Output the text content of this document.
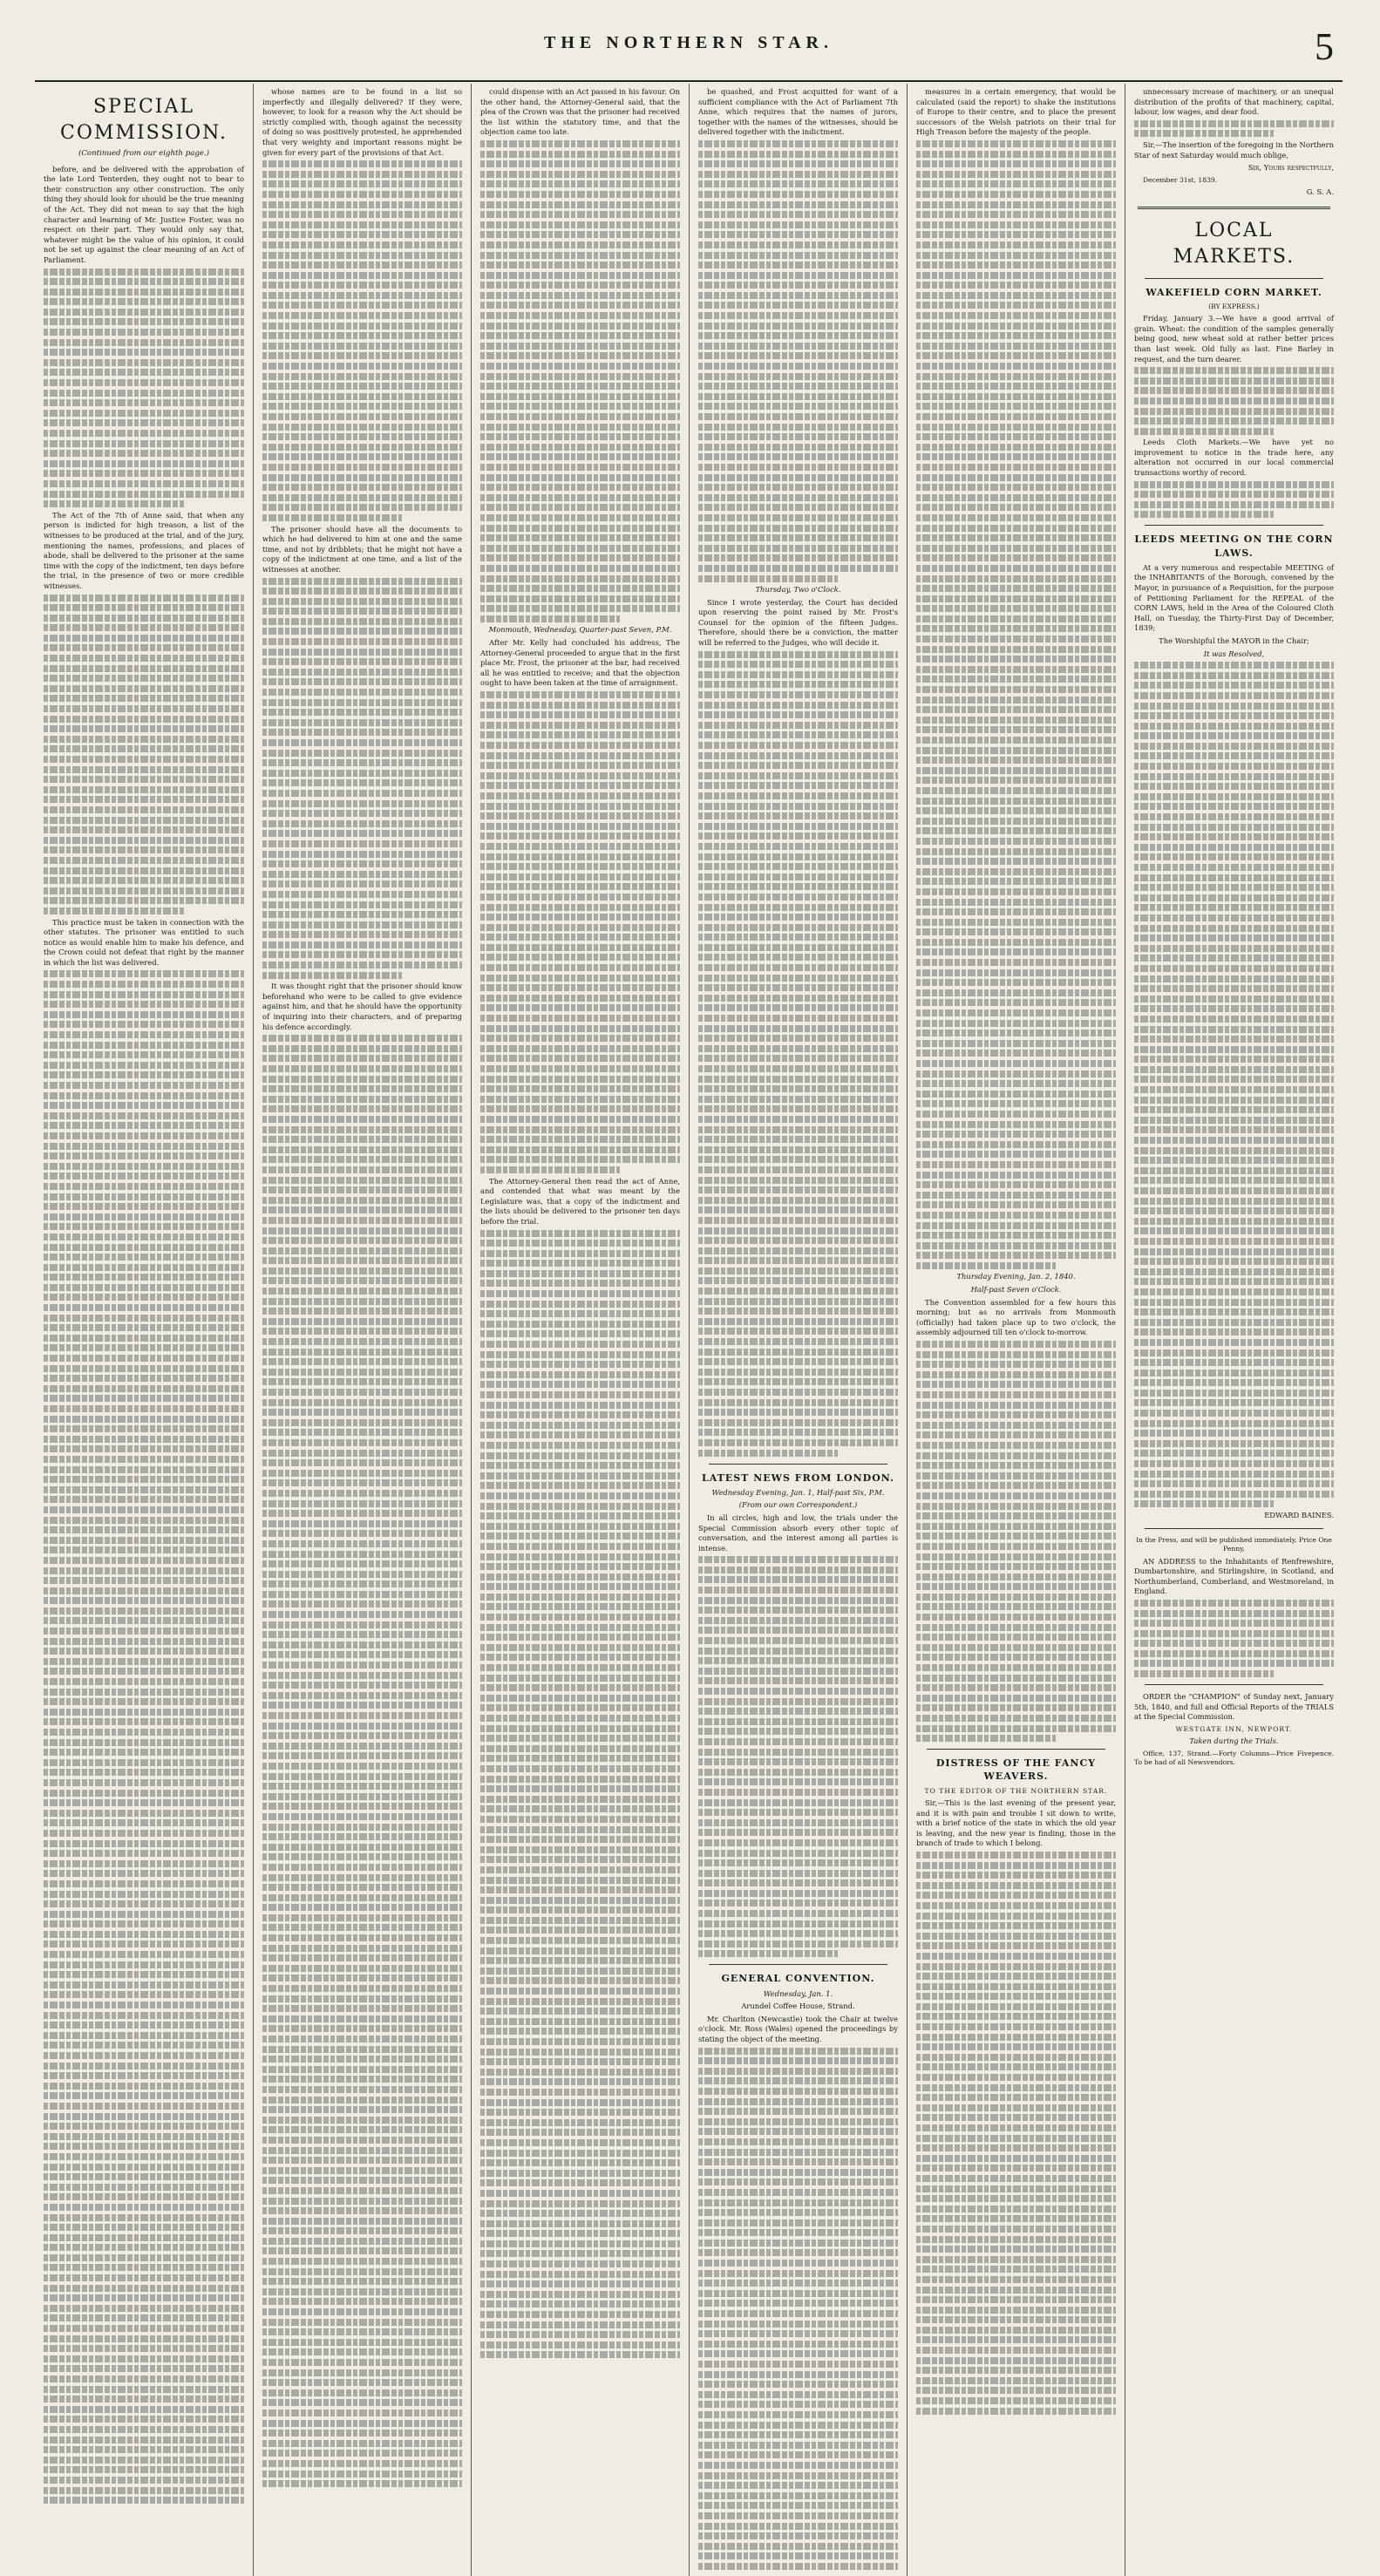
THE NORTHERN STAR.	5
SPECIAL COMMISSION.
(Continued from our eighth page.)

before, and be delivered with the approbation of the late Lord Tenterden, they ought not to bear to their construction any other construction. The only thing they should look for should be the true meaning of the Act. They did not mean to say that the high character and learning of Mr. Justice Foster, was no respect on their part. They would only say that, whatever might be the value of his opinion, it could not be set up against the clear meaning of an Act of Parliament.

The Act of the 7th of Anne said, that when any person is indicted for high treason, a list of the witnesses to be produced at the trial, and of the jury, mentioning the names, professions, and places of abode, shall be delivered to the prisoner at the same time with the copy of the indictment, ten days before the trial, in the presence of two or more credible witnesses.

This practice must be taken in connection with the other statutes. The prisoner was entitled to such notice as would enable him to make his defence, and the Crown could not defeat that right by the manner in which the list was delivered.

whose names are to be found in a list so imperfectly and illegally delivered? If they were, however, to look for a reason why the Act should be strictly complied with, though against the necessity of doing so was positively protested, he apprehended that very weighty and important reasons might be given for every part of the provisions of that Act.

The prisoner should have all the documents to which he had delivered to him at one and the same time, and not by dribblets; that he might not have a copy of the indictment at one time, and a list of the witnesses at another.

It was thought right that the prisoner should know beforehand who were to be called to give evidence against him, and that he should have the opportunity of inquiring into their characters, and of preparing his defence accordingly.

could dispense with an Act passed in his favour. On the other hand, the Attorney-General said, that the plea of the Crown was that the prisoner had received the list within the statutory time, and that the objection came too late.

Monmouth, Wednesday, Quarter-past Seven, P.M.

After Mr. Kelly had concluded his address, The Attorney-General proceeded to argue that in the first place Mr. Frost, the prisoner at the bar, had received all he was entitled to receive; and that the objection ought to have been taken at the time of arraignment.

The Attorney-General then read the act of Anne, and contended that what was meant by the Legislature was, that a copy of the indictment and the lists should be delivered to the prisoner ten days before the trial.

be quashed, and Frost acquitted for want of a sufficient compliance with the Act of Parliament 7th Anne, which requires that the names of jurors, together with the names of the witnesses, should be delivered together with the indictment.

Thursday, Two o'Clock.

Since I wrote yesterday, the Court has decided upon reserving the point raised by Mr. Frost's Counsel for the opinion of the fifteen Judges. Therefore, should there be a conviction, the matter will be referred to the Judges, who will decide it.

LATEST NEWS FROM LONDON.

Wednesday Evening, Jan. 1, Half-past Six, P.M.

(From our own Correspondent.)

In all circles, high and low, the trials under the Special Commission absorb every other topic of conversation, and the interest among all parties is intense.

GENERAL CONVENTION.

Wednesday, Jan. 1.

Arundel Coffee House, Strand.

Mr. Charlton (Newcastle) took the Chair at twelve o'clock. Mr. Ross (Wales) opened the proceedings by stating the object of the meeting.

measures in a certain emergency, that would be calculated (said the report) to shake the institutions of Europe to their centre, and to place the present successors of the Welsh patriots on their trial for High Treason before the majesty of the people.

Thursday Evening, Jan. 2, 1840.

Half-past Seven o'Clock.

The Convention assembled for a few hours this morning; but as no arrivals from Monmouth (officially) had taken place up to two o'clock, the assembly adjourned till ten o'clock to-morrow.

DISTRESS OF THE FANCY WEAVERS.

TO THE EDITOR OF THE NORTHERN STAR.

Sir,—This is the last evening of the present year, and it is with pain and trouble I sit down to write, with a brief notice of the state in which the old year is leaving, and the new year is finding, those in the branch of trade to which I belong.

unnecessary increase of machinery, or an unequal distribution of the profits of that machinery, capital, labour, low wages, and dear food.

Sir,—The insertion of the foregoing in the Northern Star of next Saturday would much oblige,

Sir, Yours respectfully,

December 31st, 1839.

G. S. A.

LOCAL MARKETS.
WAKEFIELD CORN MARKET.

(BY EXPRESS.)

Friday, January 3.—We have a good arrival of grain. Wheat: the condition of the samples generally being good, new wheat sold at rather better prices than last week. Old fully as last. Fine Barley in request, and the turn dearer.

Leeds Cloth Markets.—We have yet no improvement to notice in the trade here, any alteration not occurred in our local commercial transactions worthy of record.

LEEDS MEETING ON THE CORN LAWS.

At a very numerous and respectable MEETING of the INHABITANTS of the Borough, convened by the Mayor, in pursuance of a Requisition, for the purpose of Petitioning Parliament for the REPEAL of the CORN LAWS, held in the Area of the Coloured Cloth Hall, on Tuesday, the Thirty-First Day of December, 1839;

The Worshipful the MAYOR in the Chair;

It was Resolved,

EDWARD BAINES.

In the Press, and will be published immediately, Price One Penny,

AN ADDRESS to the Inhabitants of Renfrewshire, Dumbartonshire, and Stirlingshire, in Scotland, and Northumberland, Cumberland, and Westmoreland, in England.

ORDER the "CHAMPION" of Sunday next, January 5th, 1840, and full and Official Reports of the TRIALS at the Special Commission.

WESTGATE INN, NEWPORT.

Taken during the Trials.

Office, 137, Strand.—Forty Columns—Price Fivepence. To be had of all Newsvendors.
